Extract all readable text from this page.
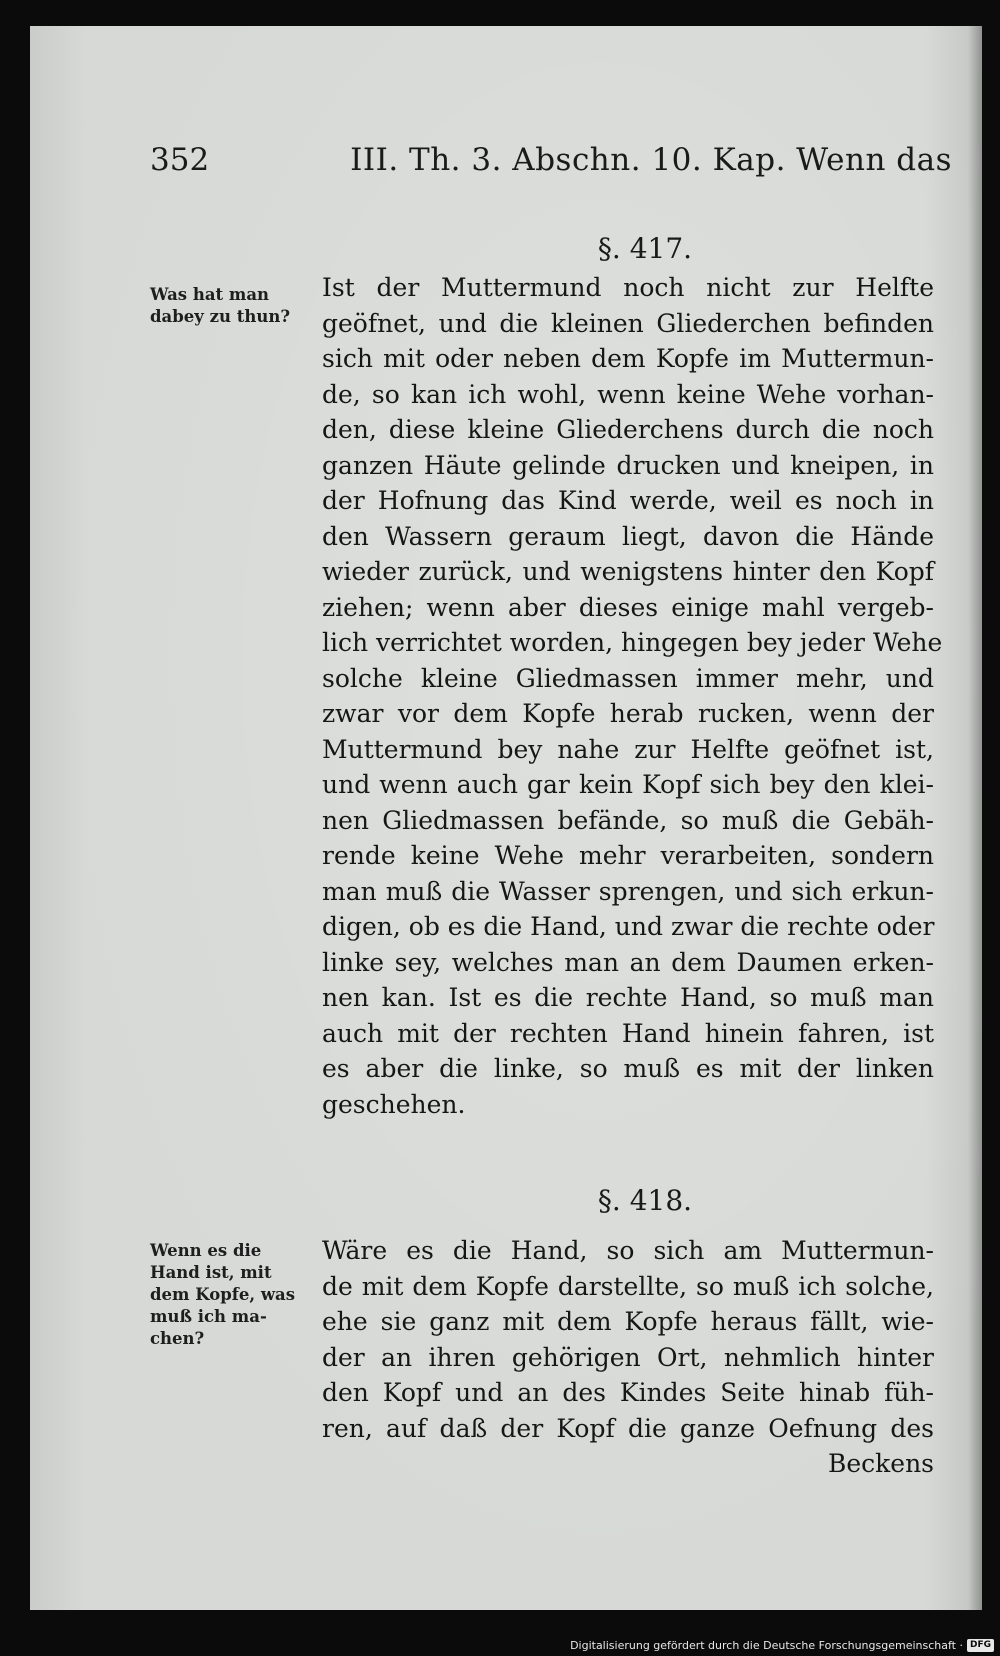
352	III. Th. 3. Abschn. 10. Kap. Wenn das
§. 417.
Was hat man
dabey zu thun?
Ist der Muttermund noch nicht zur Helfte
geöfnet, und die kleinen Gliederchen befinden
sich mit oder neben dem Kopfe im Muttermun-
de, so kan ich wohl, wenn keine Wehe vorhan-
den, diese kleine Gliederchens durch die noch
ganzen Häute gelinde drucken und kneipen, in
der Hofnung das Kind werde, weil es noch in
den Wassern geraum liegt, davon die Hände
wieder zurück, und wenigstens hinter den Kopf
ziehen; wenn aber dieses einige mahl vergeb-
lich verrichtet worden, hingegen bey jeder Wehe
solche kleine Gliedmassen immer mehr, und
zwar vor dem Kopfe herab rucken, wenn der
Muttermund bey nahe zur Helfte geöfnet ist,
und wenn auch gar kein Kopf sich bey den klei-
nen Gliedmassen befände, so muß die Gebäh-
rende keine Wehe mehr verarbeiten, sondern
man muß die Wasser sprengen, und sich erkun-
digen, ob es die Hand, und zwar die rechte oder
linke sey, welches man an dem Daumen erken-
nen kan. Ist es die rechte Hand, so muß man
auch mit der rechten Hand hinein fahren, ist
es aber die linke, so muß es mit der linken
geschehen.
§. 418.
Wenn es die
Hand ist, mit
dem Kopfe, was
muß ich ma-
chen?
Wäre es die Hand, so sich am Muttermun-
de mit dem Kopfe darstellte, so muß ich solche,
ehe sie ganz mit dem Kopfe heraus fällt, wie-
der an ihren gehörigen Ort, nehmlich hinter
den Kopf und an des Kindes Seite hinab füh-
ren, auf daß der Kopf die ganze Oefnung des
Beckens
Digitalisierung gefördert durch die Deutsche Forschungsgemeinschaft · DFG
